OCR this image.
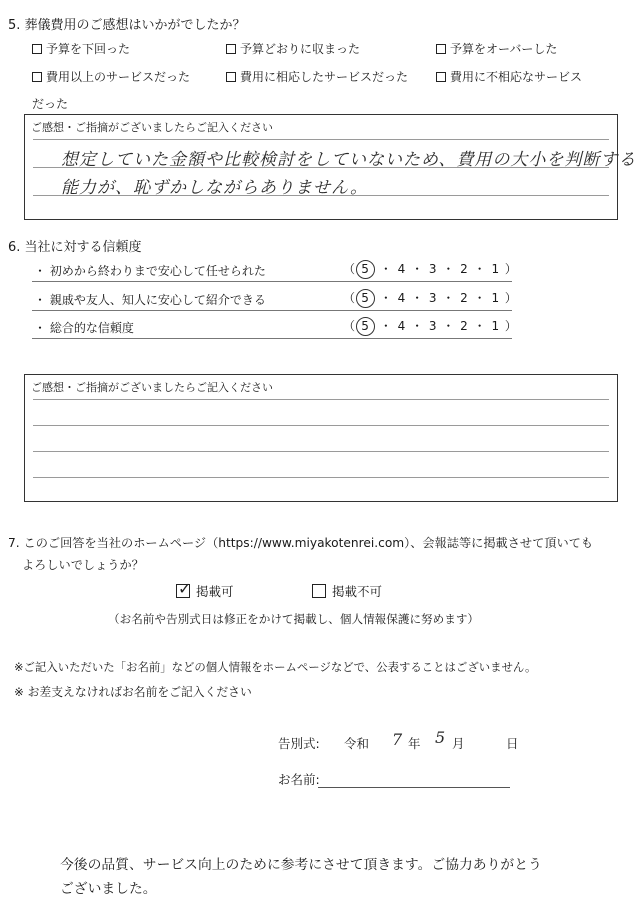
5. 葬儀費用のご感想はいかがでしたか？
予算を下回った	予算どおりに収まった	予算をオーバーした
費用以上のサービスだった	費用に相応したサービスだった	費用に不相応なサービス
だった
ご感想・ご指摘がございましたらご記入ください
想定していた金額や比較検討をしていないため、費用の大小を判断する
能力が、恥ずかしながらありません。
6. 当社に対する信頼度
・ 初めから終わりまで安心して任せられた	（ 5 ・ 4 ・ 3 ・ 2 ・ 1 ）
・ 親戚や友人、知人に安心して紹介できる	（ 5 ・ 4 ・ 3 ・ 2 ・ 1 ）
・ 総合的な信頼度	（ 5 ・ 4 ・ 3 ・ 2 ・ 1 ）
ご感想・ご指摘がございましたらご記入ください
7. このご回答を当社のホームページ（https://www.miyakotenrei.com）、会報誌等に掲載させて頂いても
よろしいでしょうか？
✓ 掲載可	掲載不可
（お名前や告別式日は修正をかけて掲載し、個人情報保護に努めます）
※ご記入いただいた「お名前」などの個人情報をホームページなどで、公表することはございません。
※ お差支えなければお名前をご記入ください
告別式: 令和 7 年 5 月	日
お名前:
今後の品質、サービス向上のために参考にさせて頂きます。ご協力ありがとう
ございました。
